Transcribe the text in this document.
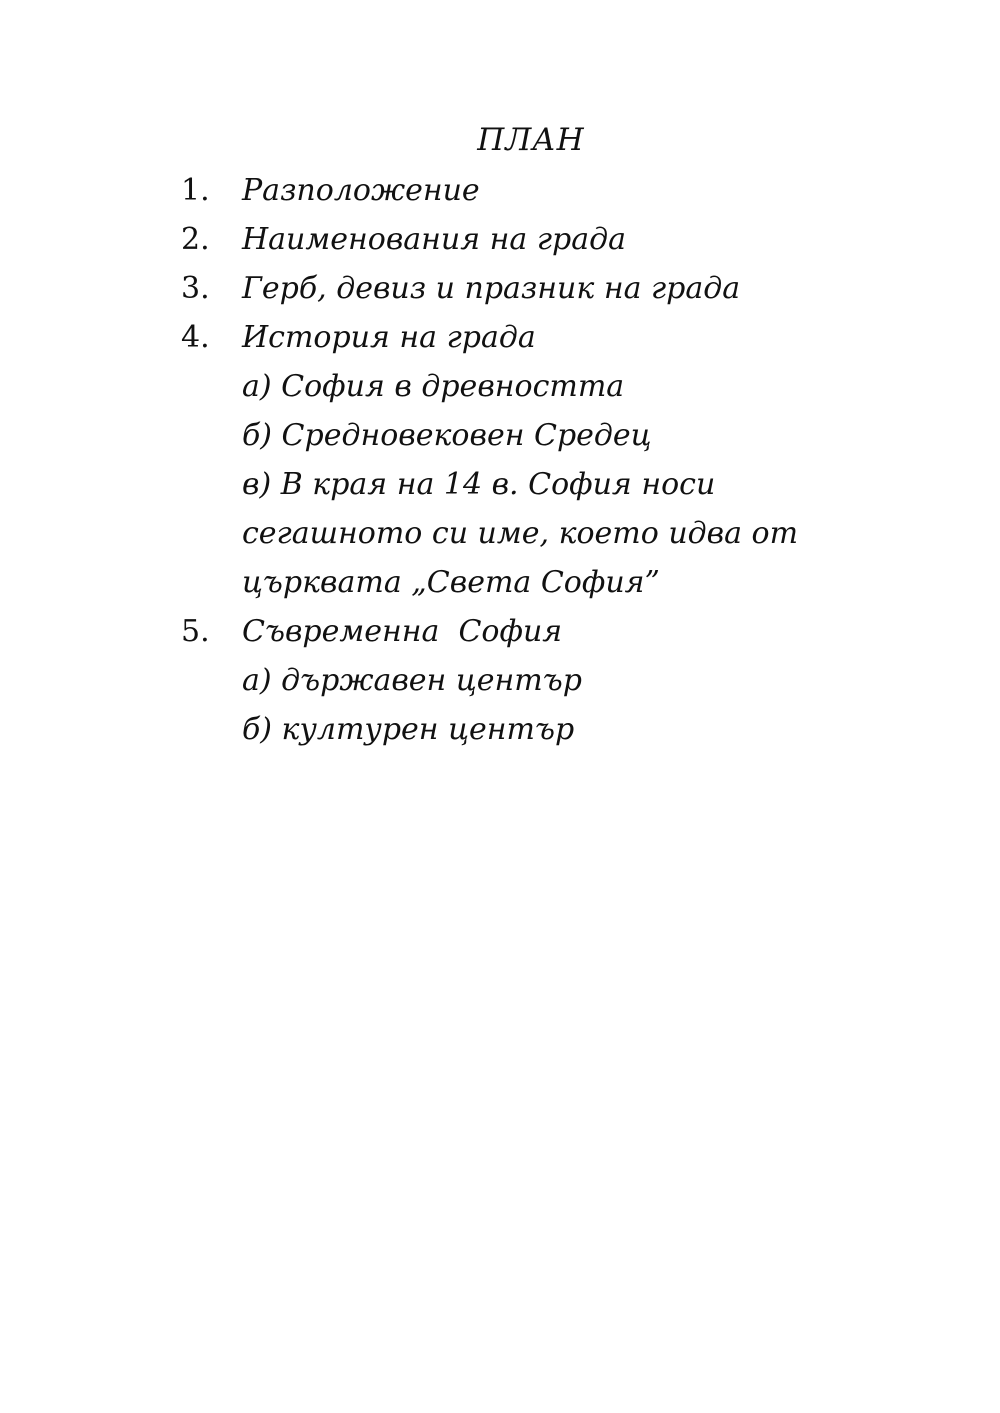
ПЛАН
1. Разположение
2. Наименования на града
3. Герб, девиз и празник на града
4. История на града
а) София в древността
б) Средновековен Средец
в) В края на 14 в. София носи сегашното си име, което идва от църквата „Света София”
5. Съвременна  София
а) държавен център
б) културен център
